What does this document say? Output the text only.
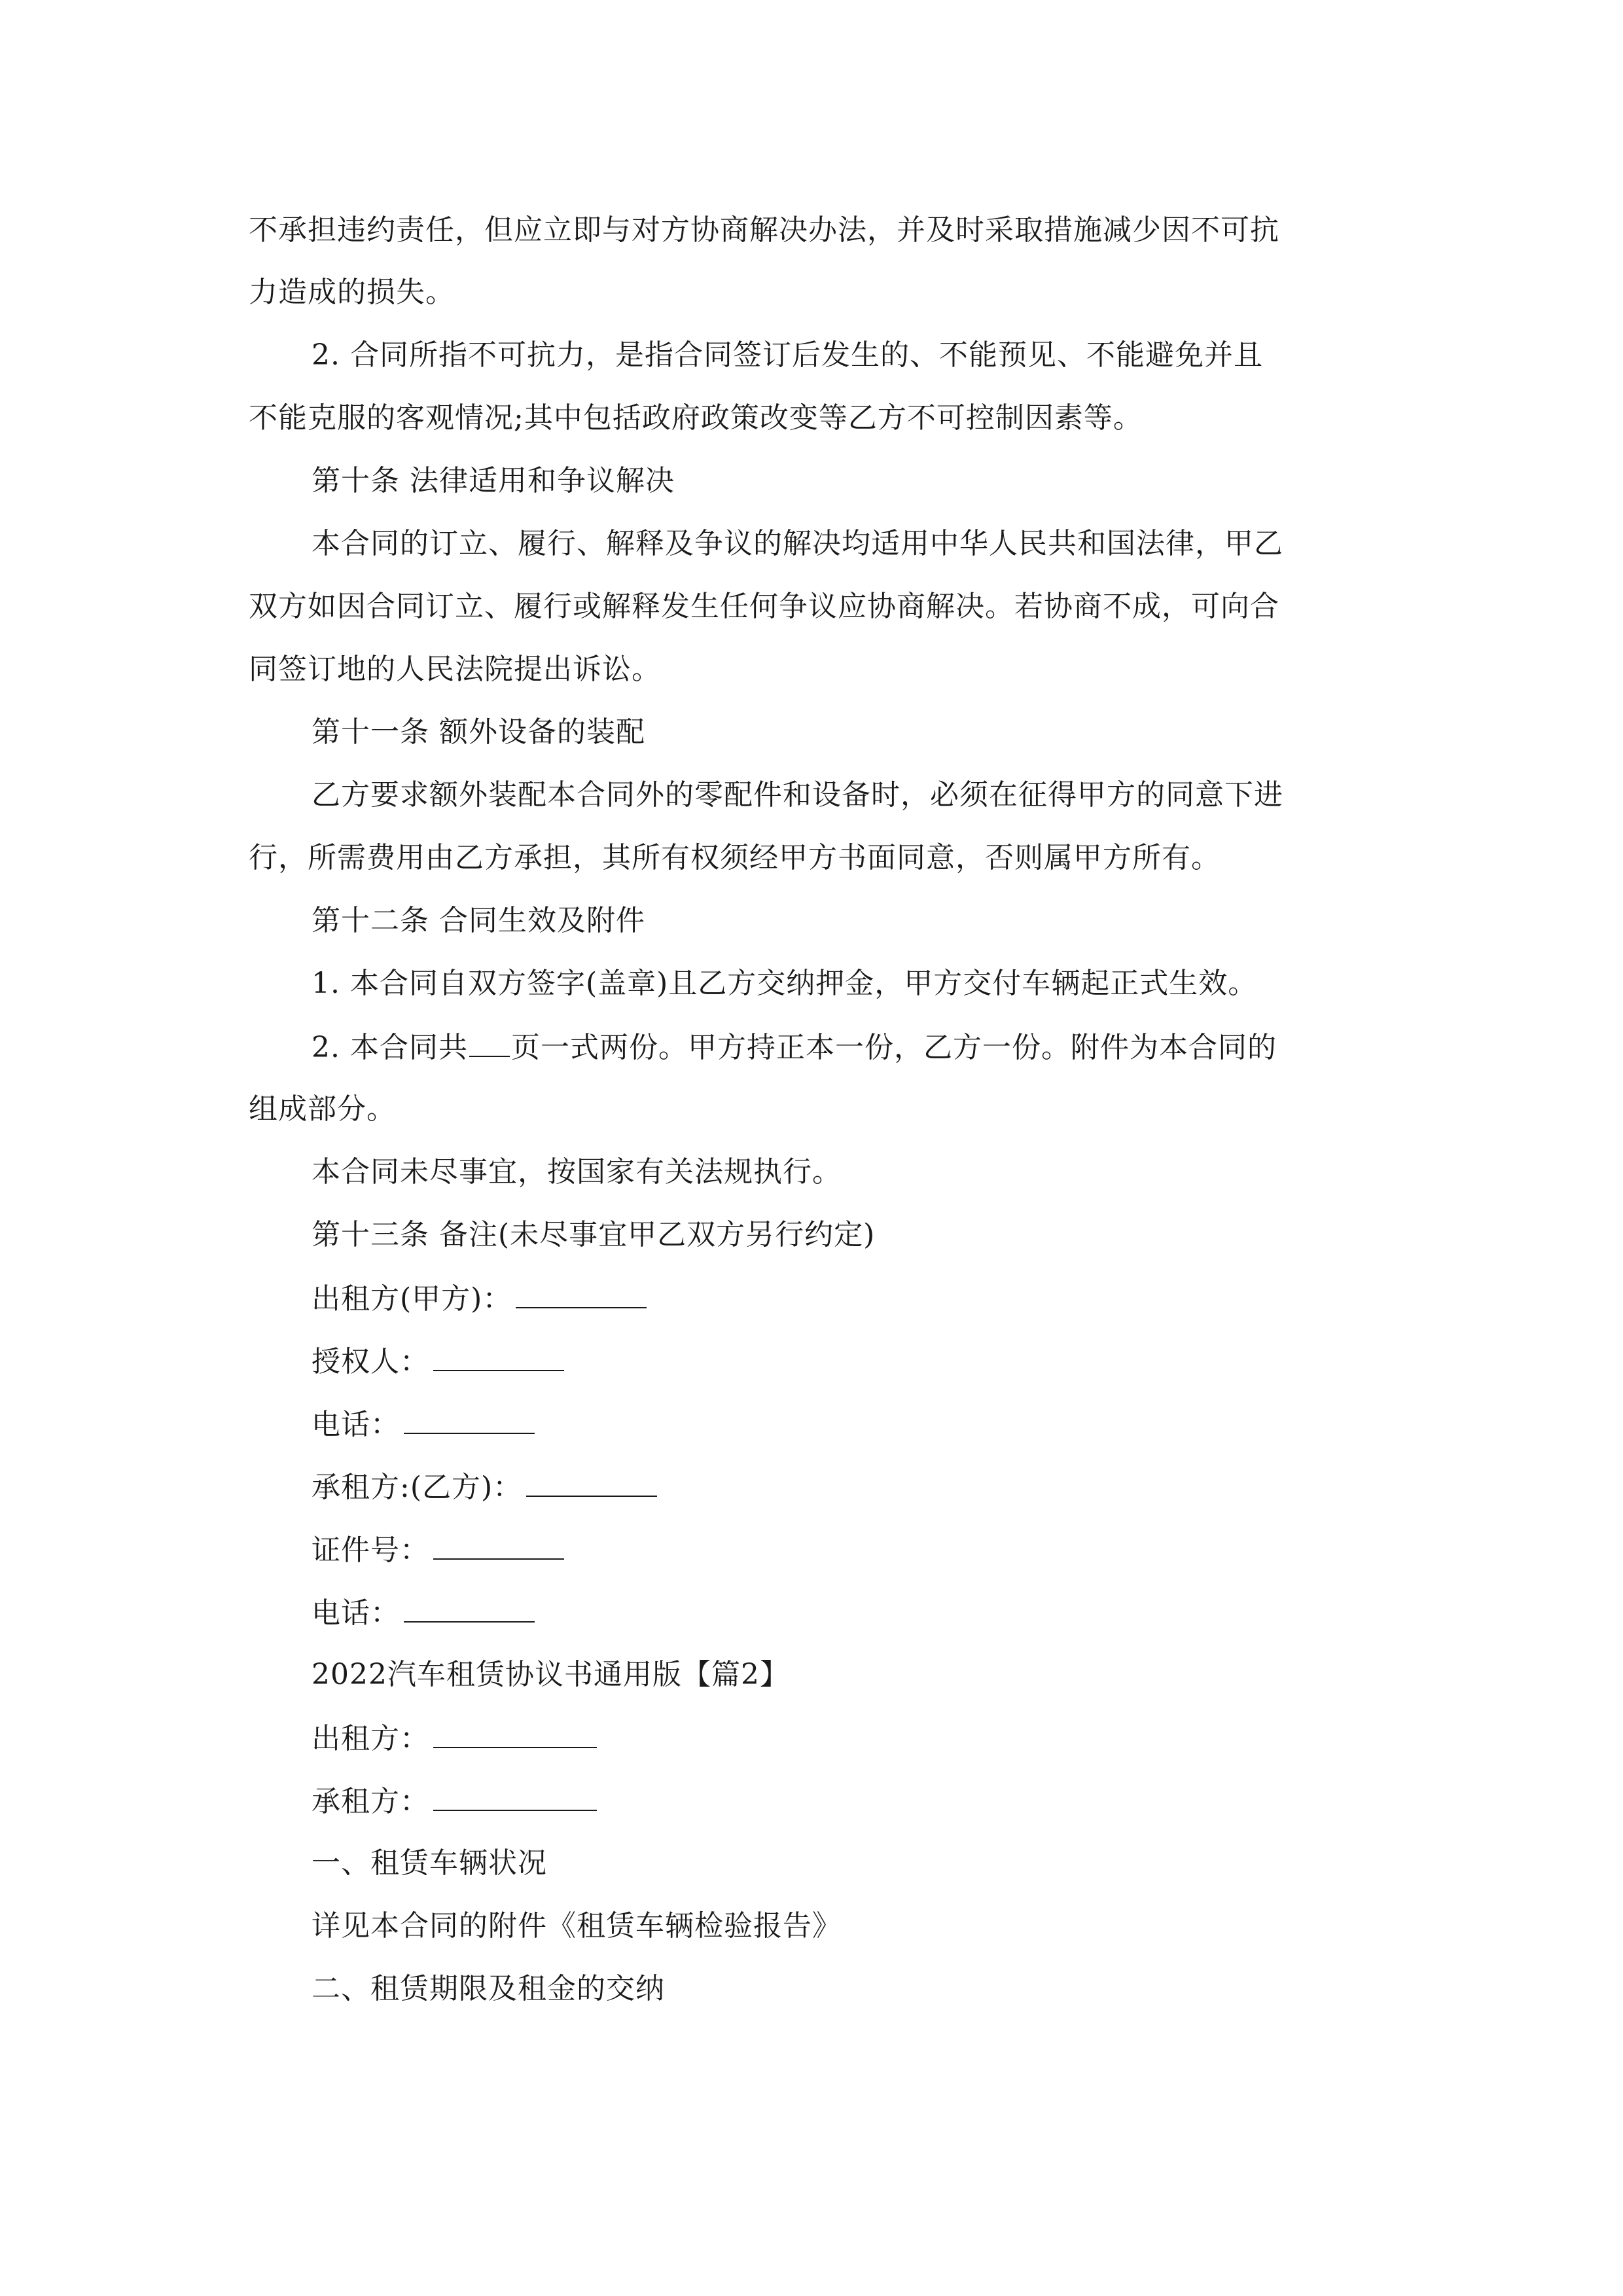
不承担违约责任，但应立即与对方协商解决办法，并及时采取措施减少因不可抗
力造成的损失。
2. 合同所指不可抗力，是指合同签订后发生的、不能预见、不能避免并且
不能克服的客观情况;其中包括政府政策改变等乙方不可控制因素等。
第十条 法律适用和争议解决
本合同的订立、履行、解释及争议的解决均适用中华人民共和国法律，甲乙
双方如因合同订立、履行或解释发生任何争议应协商解决。若协商不成，可向合
同签订地的人民法院提出诉讼。
第十一条 额外设备的装配
乙方要求额外装配本合同外的零配件和设备时，必须在征得甲方的同意下进
行，所需费用由乙方承担，其所有权须经甲方书面同意，否则属甲方所有。
第十二条 合同生效及附件
1. 本合同自双方签字(盖章)且乙方交纳押金，甲方交付车辆起正式生效。
2. 本合同共 页一式两份。甲方持正本一份，乙方一份。附件为本合同的
组成部分。
本合同未尽事宜，按国家有关法规执行。
第十三条 备注(未尽事宜甲乙双方另行约定)
出租方(甲方)：
授权人：
电话：
承租方:(乙方)：
证件号：
电话：
2022汽车租赁协议书通用版【篇2】
出租方：
承租方：
一、租赁车辆状况
详见本合同的附件《租赁车辆检验报告》
二、租赁期限及租金的交纳
